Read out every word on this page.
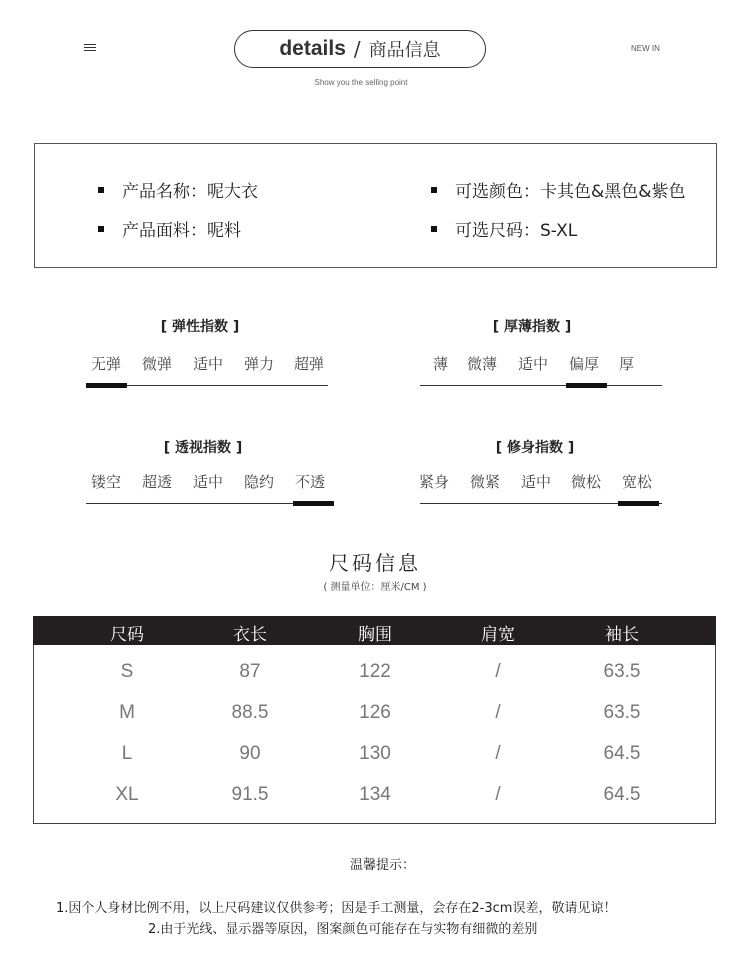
details / 商品信息
Show you the selling point
NEW IN
产品名称：呢大衣
产品面料：呢料
可选颜色：卡其色&黑色&紫色
可选尺码：S-XL
[ 弹性指数 ]
无弹 微弹 适中 弹力 超弹
[ 厚薄指数 ]
薄 微薄 适中 偏厚 厚
[ 透视指数 ]
镂空 超透 适中 隐约 不透
[ 修身指数 ]
紧身 微紧 适中 微松 宽松
尺码信息
( 测量单位：厘米/CM )
尺码	衣长	胸围	肩宽	袖长
S	87	122	/	63.5
M	88.5	126	/	63.5
L	90	130	/	64.5
XL	91.5	134	/	64.5
温馨提示：
1.因个人身材比例不用，以上尺码建议仅供参考；因是手工测量，会存在2-3cm误差，敬请见谅！
2.由于光线、显示器等原因，图案颜色可能存在与实物有细微的差别
